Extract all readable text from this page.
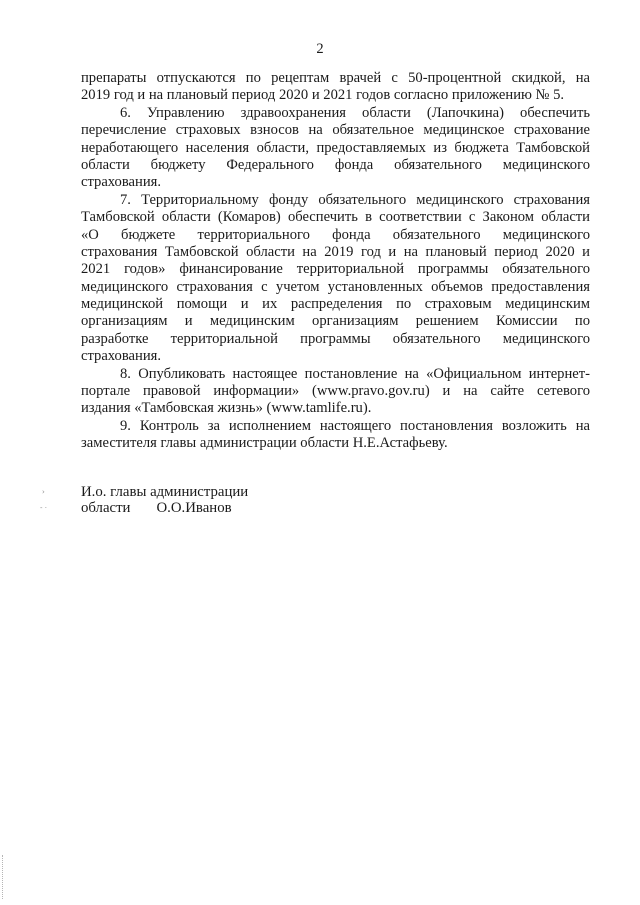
2
препараты отпускаются по рецептам врачей с 50-процентной скидкой, на
2019 год и на плановый период 2020 и 2021 годов согласно приложению № 5.
6. Управлению здравоохранения области (Лапочкина) обеспечить
перечисление страховых взносов на обязательное медицинское страхование
неработающего населения области, предоставляемых из бюджета Тамбовской
области бюджету Федерального фонда обязательного медицинского
страхования.
7. Территориальному фонду обязательного медицинского страхования
Тамбовской области (Комаров) обеспечить в соответствии с Законом области
«О бюджете территориального фонда обязательного медицинского
страхования Тамбовской области на 2019 год и на плановый период 2020 и
2021 годов» финансирование территориальной программы обязательного
медицинского страхования с учетом установленных объемов предоставления
медицинской помощи и их распределения по страховым медицинским
организациям и медицинским организациям решением Комиссии по
разработке территориальной программы обязательного медицинского
страхования.
8. Опубликовать настоящее постановление на «Официальном интернет-
портале правовой информации» (www.pravo.gov.ru) и на сайте сетевого
издания «Тамбовская жизнь» (www.tamlife.ru).
9. Контроль за исполнением настоящего постановления возложить на
заместителя главы администрации области Н.Е.Астафьеву.
И.о. главы администрации
области О.О.Иванов
›
- ·
